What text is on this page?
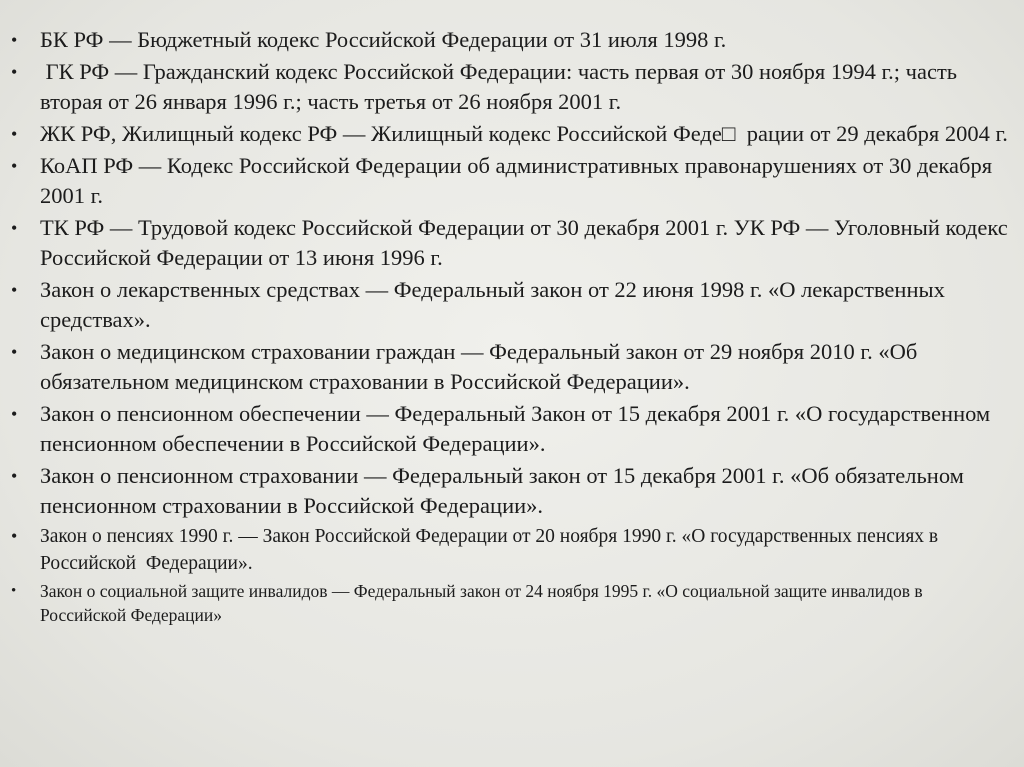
• БК РФ — Бюджетный кодекс Российской Федерации от 31 июля 1998 г.
• ГК РФ — Гражданский кодекс Российской Федерации: часть первая от 30 ноября 1994 г.; часть вторая от 26 января 1996 г.; часть третья от 26 ноября 2001 г.
• ЖК РФ, Жилищный кодекс РФ — Жилищный кодекс Российской Феде□  рации от 29 декабря 2004 г.
• КоАП РФ — Кодекс Российской Федерации об административных правонарушениях от 30 декабря 2001 г.
• ТК РФ — Трудовой кодекс Российской Федерации от 30 декабря 2001 г. УК РФ — Уголовный кодекс Российской Федерации от 13 июня 1996 г.
• Закон о лекарственных средствах — Федеральный закон от 22 июня 1998 г. «О лекарственных средствах».
• Закон о медицинском страховании граждан — Федеральный закон от 29 ноября 2010 г. «Об обязательном медицинском страховании в Российской Федерации».
• Закон о пенсионном обеспечении — Федеральный Закон от 15 декабря 2001 г. «О государственном пенсионном обеспечении в Российской Федерации».
• Закон о пенсионном страховании — Федеральный закон от 15 декабря 2001 г. «Об обязательном пенсионном страховании в Российской Федерации».
• Закон о пенсиях 1990 г. — Закон Российской Федерации от 20 ноября 1990 г. «О государственных пенсиях в Российской  Федерации».
• Закон о социальной защите инвалидов — Федеральный закон от 24 ноября 1995 г. «О социальной защите инвалидов в Российской Федерации»
